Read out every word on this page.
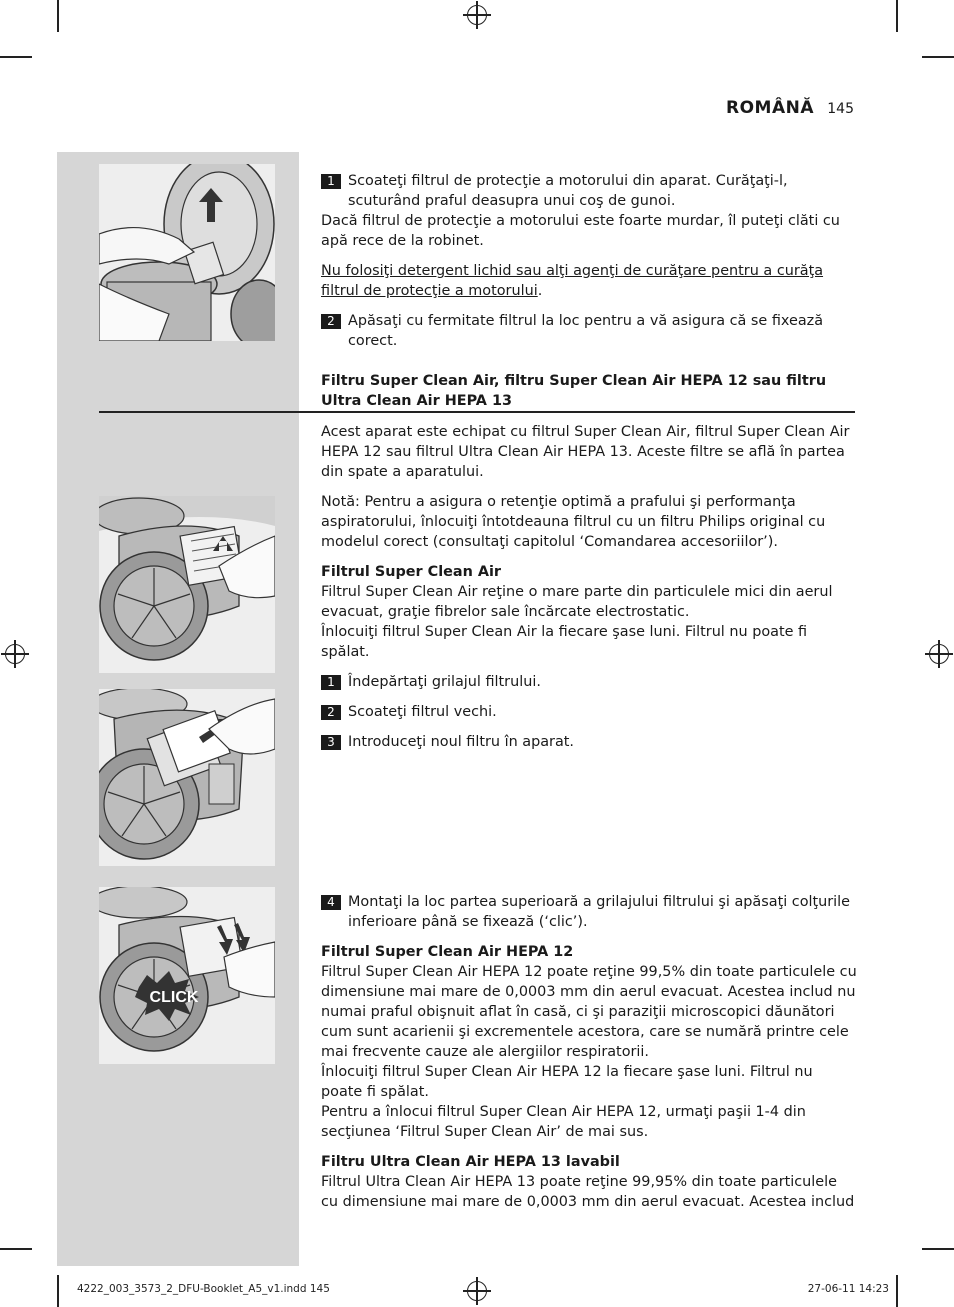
ROMÂNĂ 145
CLICK

1 Scoateţi filtrul de protecţie a motorului din aparat. Curăţaţi-l, scuturând praful deasupra unui coş de gunoi.

Dacă filtrul de protecţie a motorului este foarte murdar, îl puteţi clăti cu apă rece de la robinet.

Nu folosiţi detergent lichid sau alţi agenţi de curăţare pentru a curăţa filtrul de protecţie a motorului.

2 Apăsaţi cu fermitate filtrul la loc pentru a vă asigura că se fixează corect.

Filtru Super Clean Air, filtru Super Clean Air HEPA 12 sau filtru Ultra Clean Air HEPA 13

Acest aparat este echipat cu filtrul Super Clean Air, filtrul Super Clean Air HEPA 12 sau filtrul Ultra Clean Air HEPA 13. Aceste filtre se află în partea din spate a aparatului.

Notă: Pentru a asigura o retenţie optimă a prafului şi performanţa aspiratorului, înlocuiţi întotdeauna filtrul cu un filtru Philips original cu modelul corect (consultaţi capitolul ‘Comandarea accesoriilor’).

Filtrul Super Clean Air

Filtrul Super Clean Air reţine o mare parte din particulele mici din aerul evacuat, graţie fibrelor sale încărcate electrostatic.

Înlocuiţi filtrul Super Clean Air la fiecare şase luni. Filtrul nu poate fi spălat.

1 Îndepărtaţi grilajul filtrului.

2 Scoateţi filtrul vechi.

3 Introduceţi noul filtru în aparat.

4 Montaţi la loc partea superioară a grilajului filtrului şi apăsaţi colţurile inferioare până se fixează (‘clic’).

Filtrul Super Clean Air HEPA 12

Filtrul Super Clean Air HEPA 12 poate reţine 99,5% din toate particulele cu dimensiune mai mare de 0,0003 mm din aerul evacuat. Acestea includ nu numai praful obişnuit aflat în casă, ci şi paraziţii microscopici dăunători cum sunt acarienii şi excrementele acestora, care se numără printre cele mai frecvente cauze ale alergiilor respiratorii.

Înlocuiţi filtrul Super Clean Air HEPA 12 la fiecare şase luni. Filtrul nu poate fi spălat.

Pentru a înlocui filtrul Super Clean Air HEPA 12, urmaţi paşii 1-4 din secţiunea ‘Filtrul Super Clean Air’ de mai sus.

Filtru Ultra Clean Air HEPA 13 lavabil

Filtrul Ultra Clean Air HEPA 13 poate reţine 99,95% din toate particulele cu dimensiune mai mare de 0,0003 mm din aerul evacuat. Acestea includ

4222_003_3573_2_DFU-Booklet_A5_v1.indd 145	27-06-11 14:23
